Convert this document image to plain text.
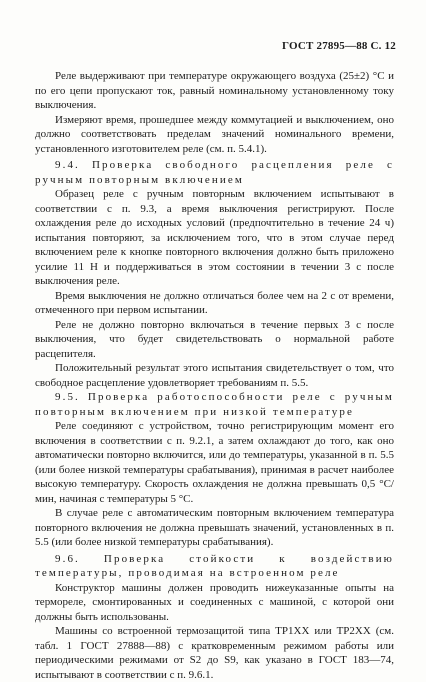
ГОСТ 27895—88 С. 12

Реле выдерживают при температуре окружающего воздуха (25±2) °С и по его цепи пропускают ток, равный номинальному установленному току выключения.

Измеряют время, прошедшее между коммутацией и выключением, оно должно соответствовать пределам значений номинального времени, установленного изготовителем реле (см. п. 5.4.1).

9.4. Проверка свободного расцепления реле с ручным повторным включением

Образец реле с ручным повторным включением испытывают в соответствии с п. 9.3, а время выключения регистрируют. После охлаждения реле до исходных условий (предпочтительно в течение 24 ч) испытания повторяют, за исключением того, что в этом случае перед включением реле к кнопке повторного включения должно быть приложено усилие 11 Н и поддерживаться в этом состоянии в течении 3 с после выключения реле.

Время выключения не должно отличаться более чем на 2 с от времени, отмеченного при первом испытании.

Реле не должно повторно включаться в течение первых 3 с после выключения, что будет свидетельствовать о нормальной работе расцепителя.

Положительный результат этого испытания свидетельствует о том, что свободное расцепление удовлетворяет требованиям п. 5.5.

9.5. Проверка работоспособности реле с ручным повторным включением при низкой температуре

Реле соединяют с устройством, точно регистрирующим момент его включения в соответствии с п. 9.2.1, а затем охлаждают до того, как оно автоматически повторно включится, или до температуры, указанной в п. 5.5 (или более низкой температуры срабатывания), принимая в расчет наиболее высокую температуру. Скорость охлаждения не должна превышать 0,5 °С/мин, начиная с температуры 5 °С.

В случае реле с автоматическим повторным включением температура повторного включения не должна превышать значений, установленных в п. 5.5 (или более низкой температуры срабатывания).

9.6. Проверка стойкости к воздействию температуры, проводимая на встроенном реле

Конструктор машины должен проводить нижеуказанные опыты на термореле, смонтированных и соединенных с машиной, с которой они должны быть использованы.

Машины со встроенной термозащитой типа ТР1ХХ или ТР2ХХ (см. табл. 1 ГОСТ 27888—88) с кратковременным режимом работы или периодическими режимами от S2 до S9, как указано в ГОСТ 183—74, испытывают в соответствии с п. 9.6.1.
